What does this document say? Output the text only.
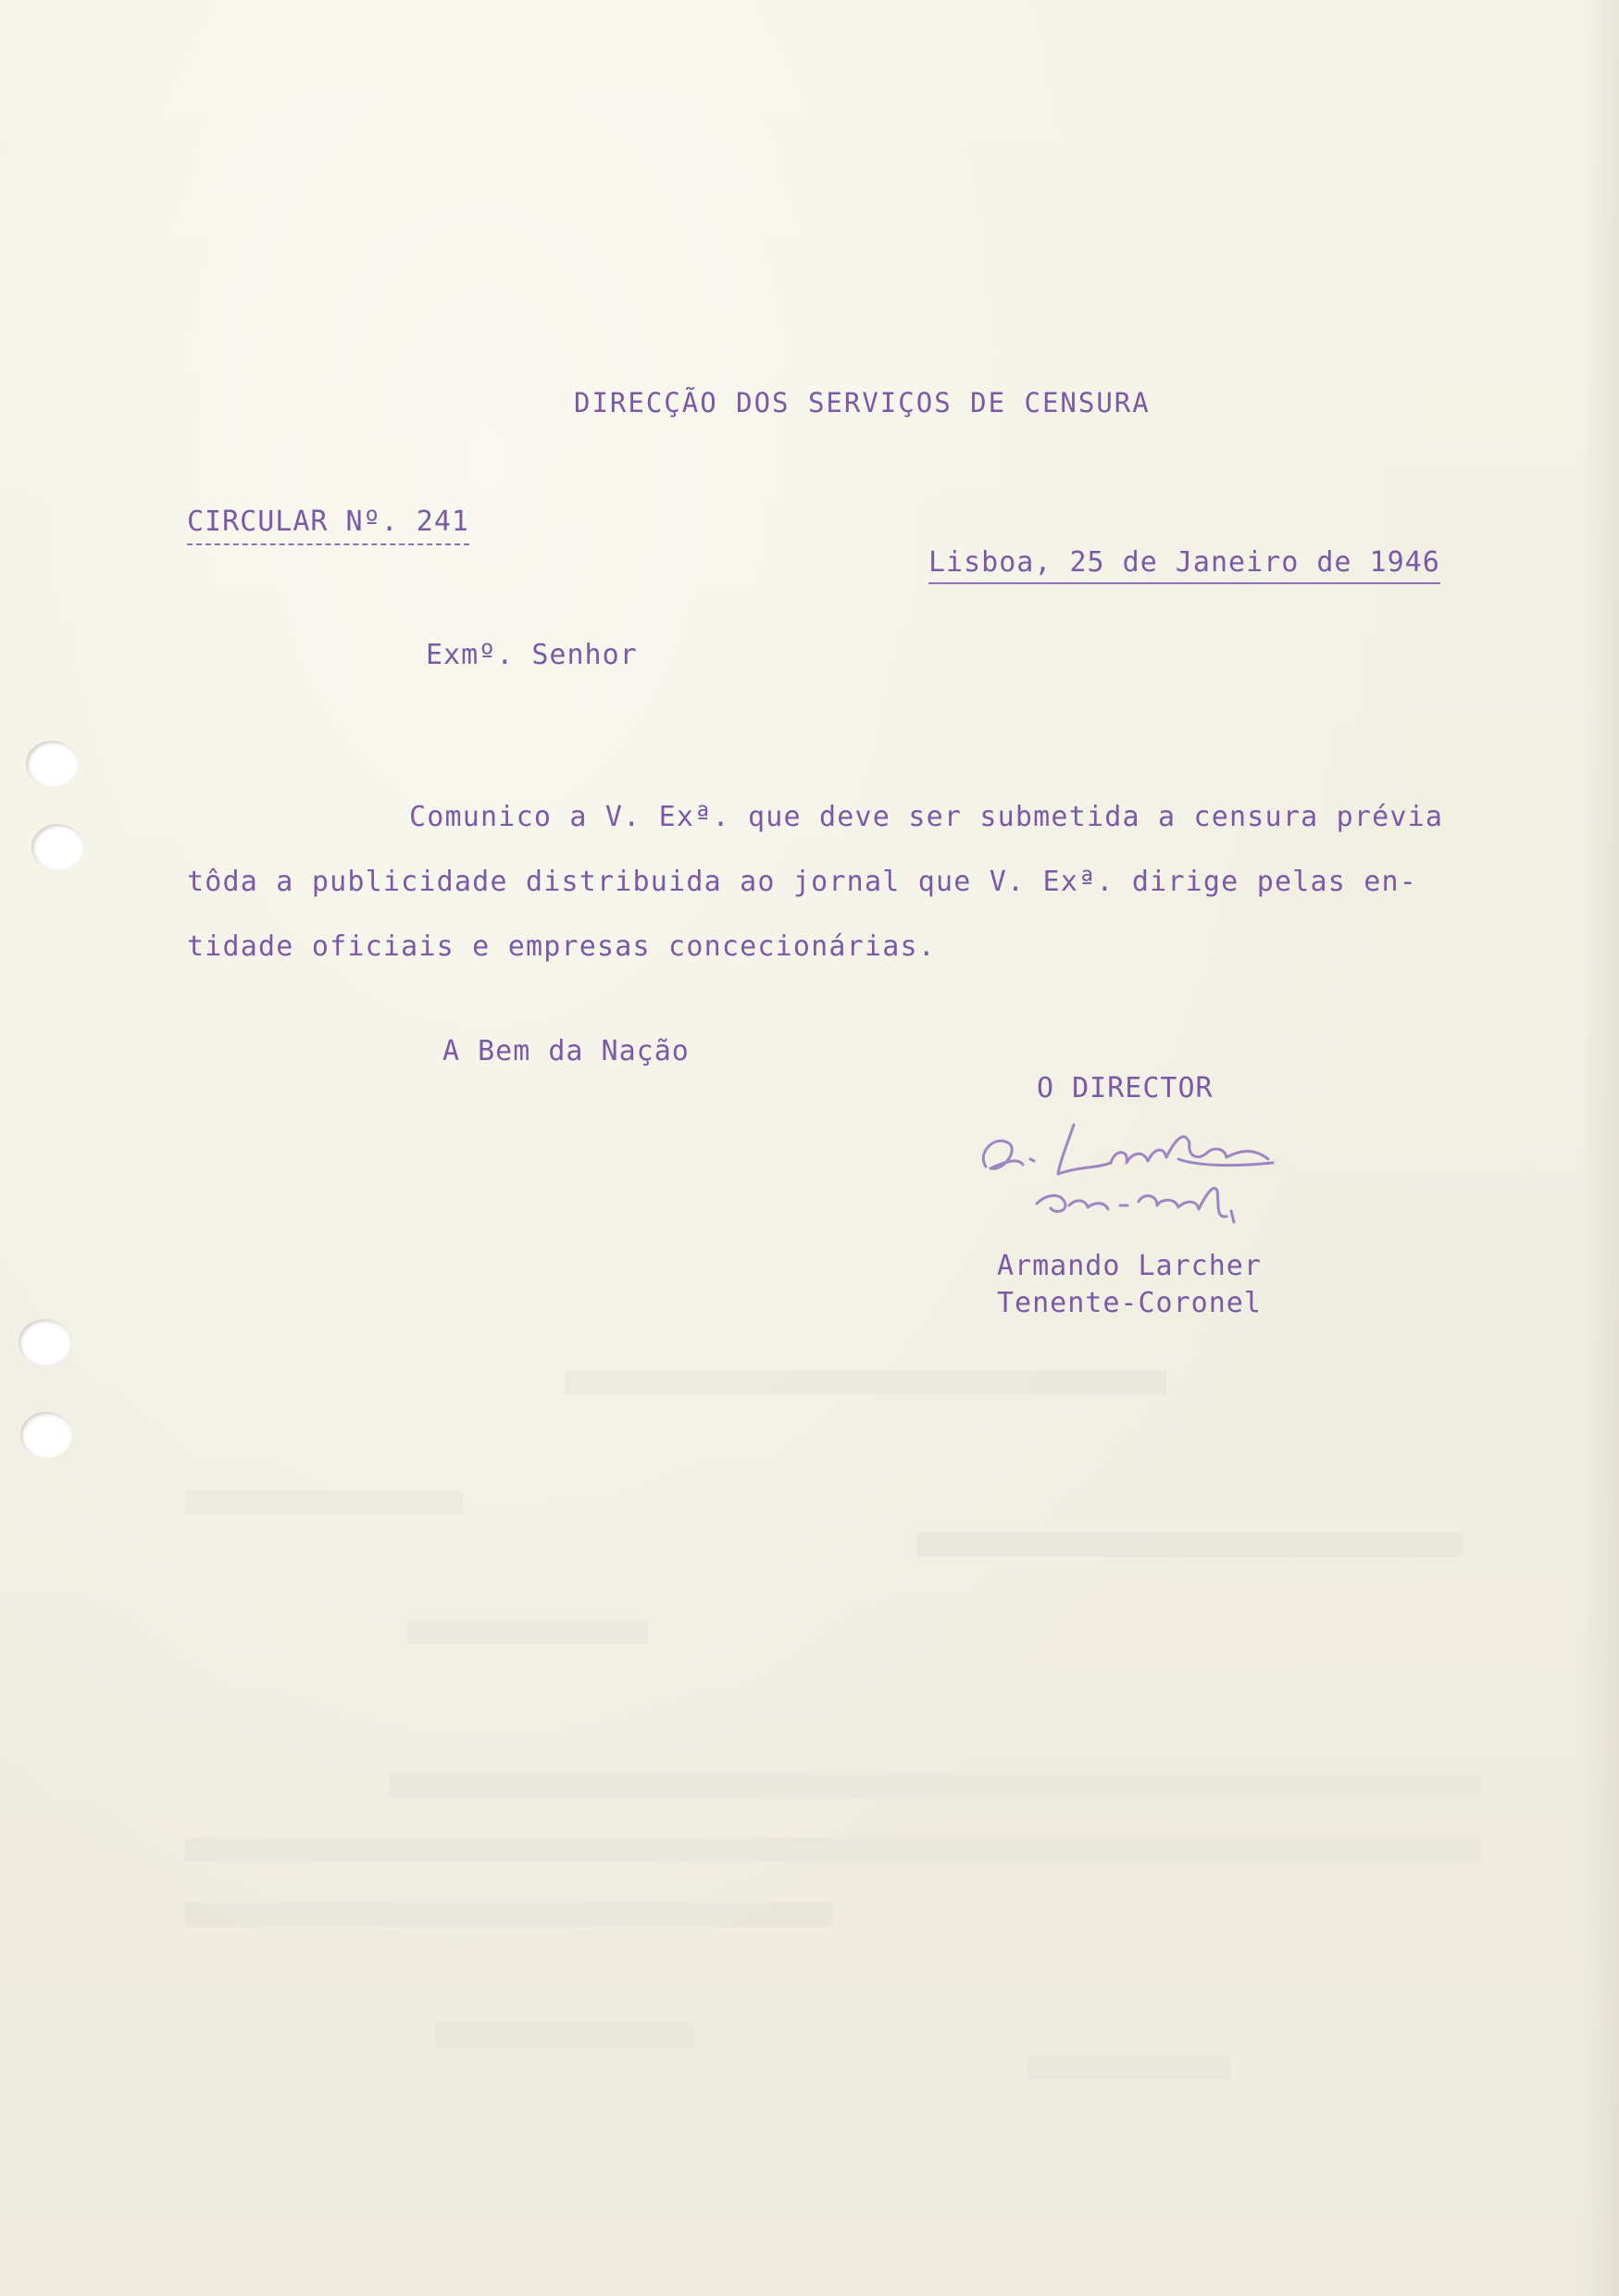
DIRECÇÃO DOS SERVIÇOS DE CENSURA
CIRCULAR Nº. 241
Lisboa, 25 de Janeiro de 1946
Exmº. Senhor
Comunico a V. Exª. que deve ser submetida a censura prévia
tôda a publicidade distribuida ao jornal que V. Exª. dirige pelas en-
tidade oficiais e empresas concecionárias.
A Bem da Nação
O DIRECTOR
Armando Larcher
Tenente-Coronel
